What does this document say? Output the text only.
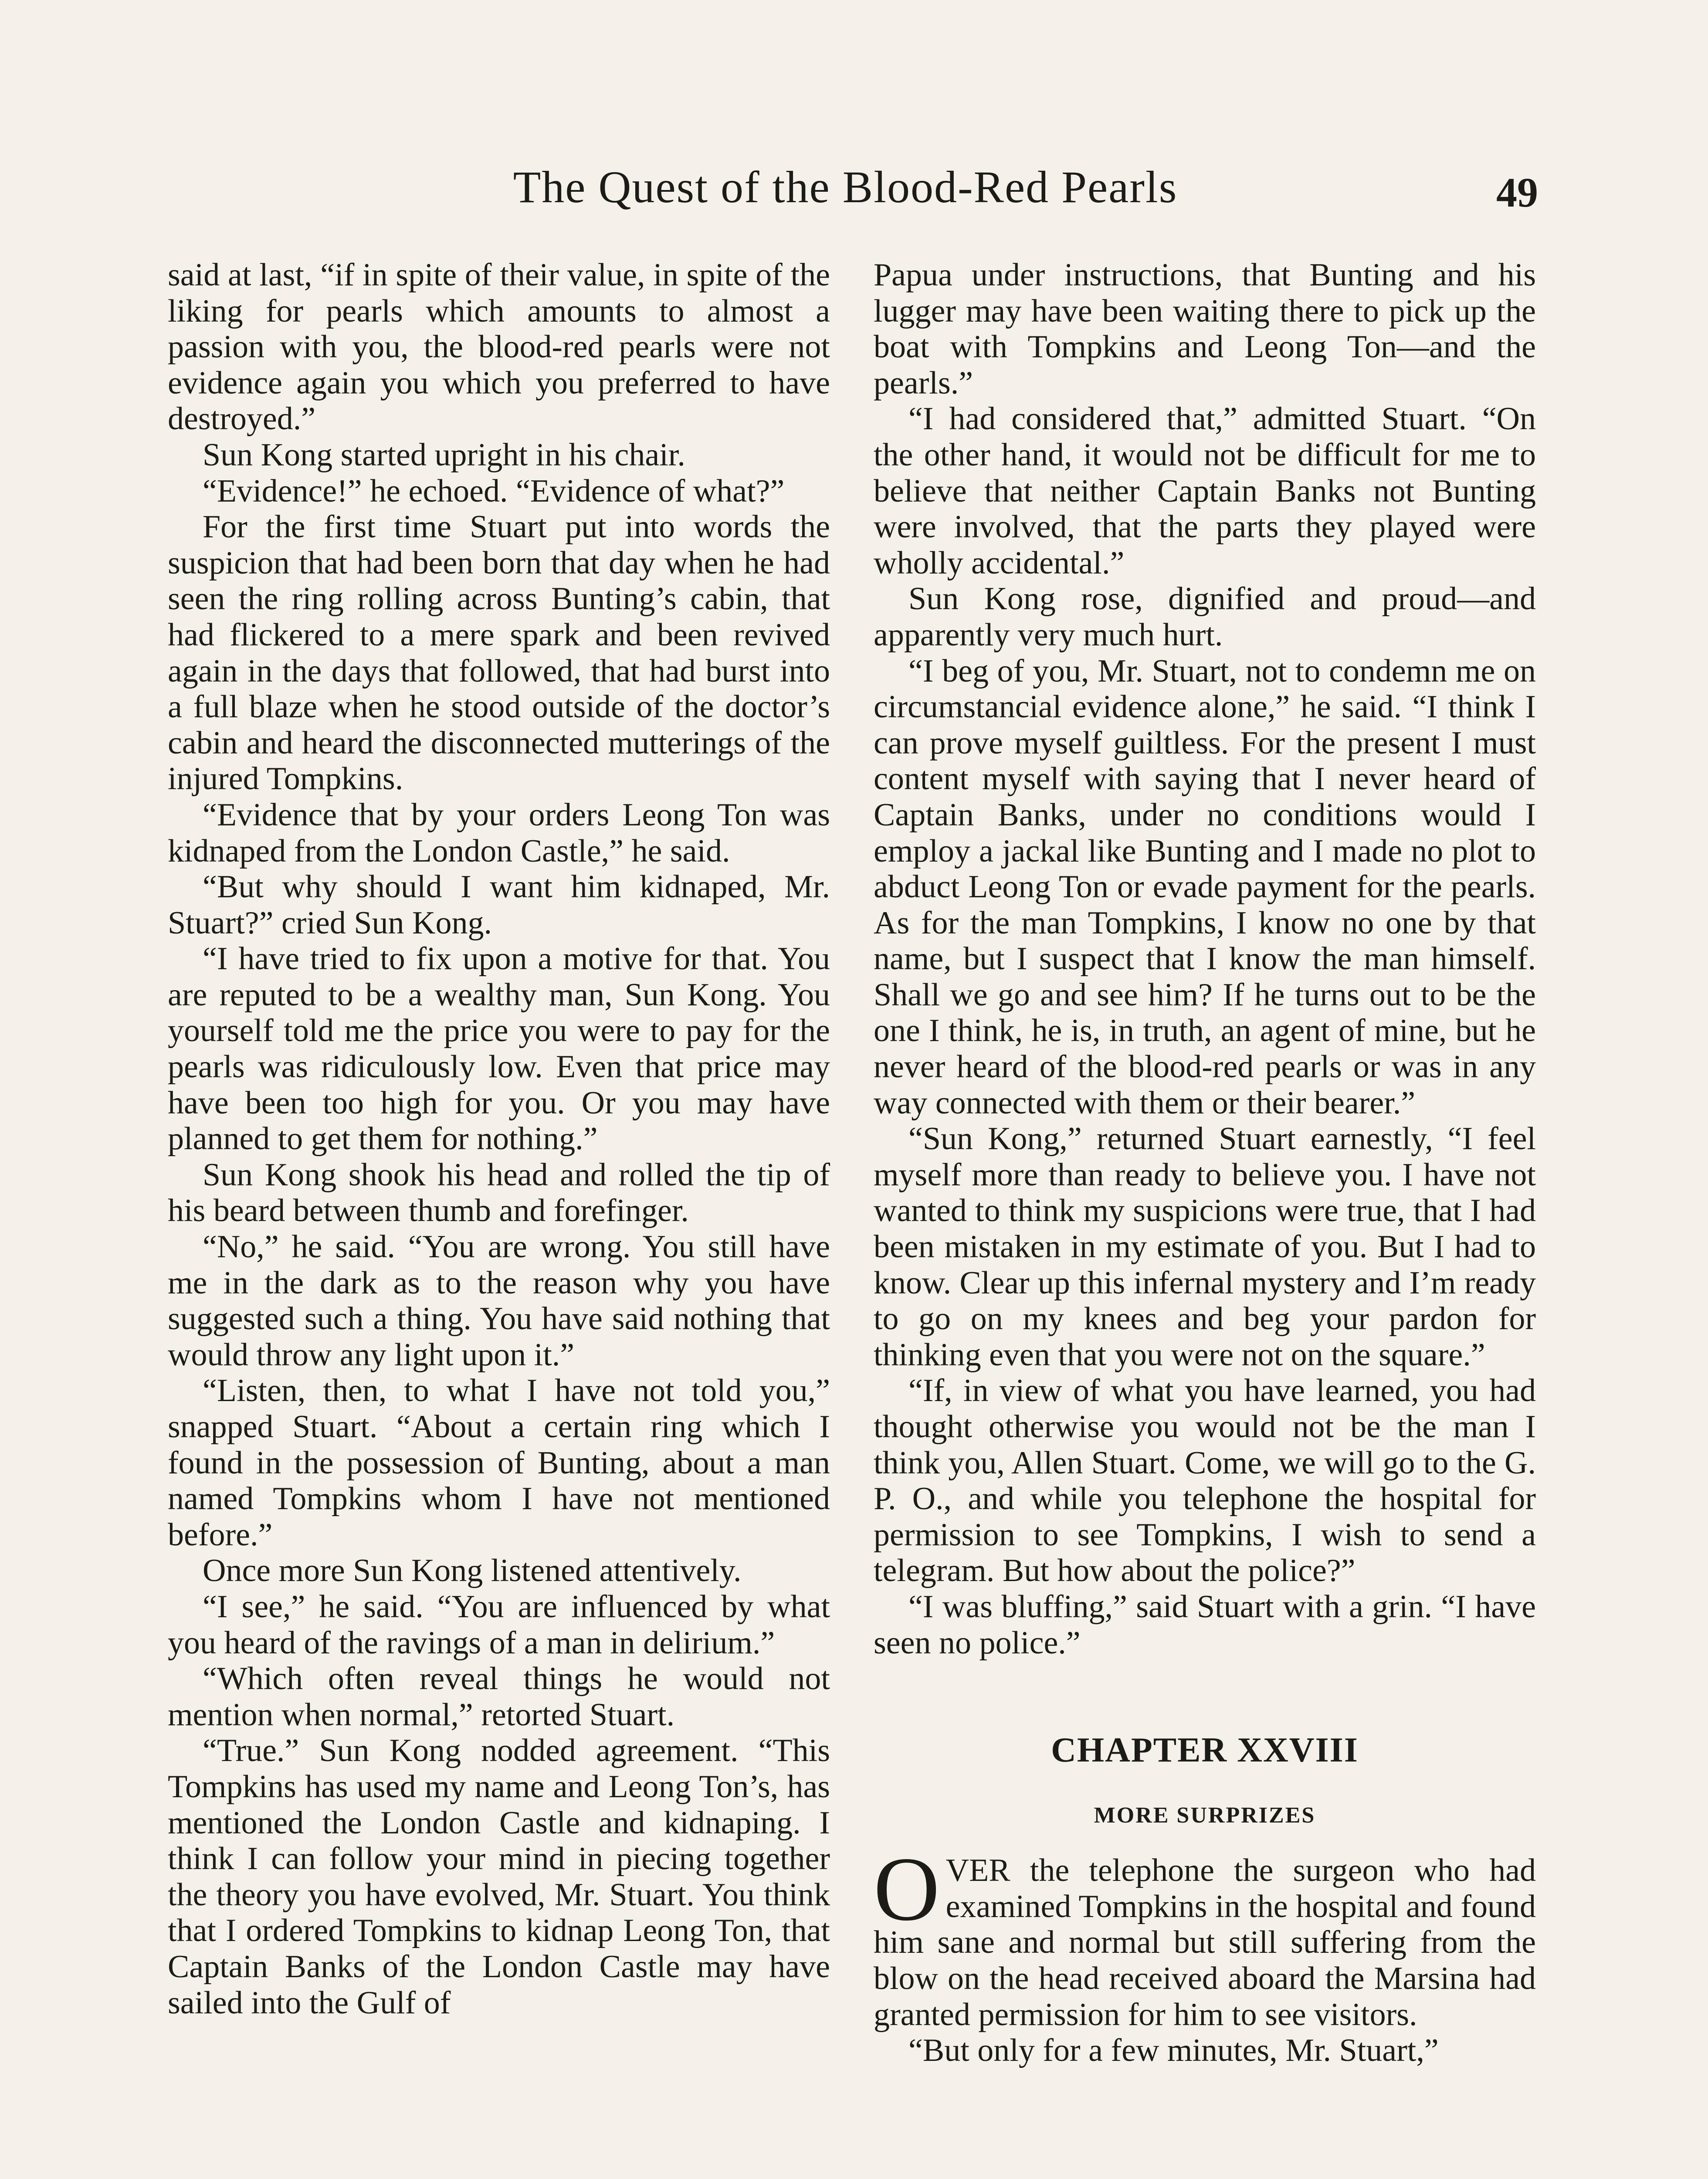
The Quest of the Blood-Red Pearls	49

said at last, “if in spite of their value, in spite of the liking for pearls which amounts to almost a passion with you, the blood-red pearls were not evidence again you which you preferred to have destroyed.”

Sun Kong started upright in his chair.

“Evidence!” he echoed. “Evidence of what?”

For the first time Stuart put into words the suspicion that had been born that day when he had seen the ring rolling across Bunting’s cabin, that had flickered to a mere spark and been revived again in the days that followed, that had burst into a full blaze when he stood outside of the doctor’s cabin and heard the disconnected mutterings of the injured Tompkins.

“Evidence that by your orders Leong Ton was kidnaped from the London Castle,” he said.

“But why should I want him kidnaped, Mr. Stuart?” cried Sun Kong.

“I have tried to fix upon a motive for that. You are reputed to be a wealthy man, Sun Kong. You yourself told me the price you were to pay for the pearls was ridiculously low. Even that price may have been too high for you. Or you may have planned to get them for nothing.”

Sun Kong shook his head and rolled the tip of his beard between thumb and forefinger.

“No,” he said. “You are wrong. You still have me in the dark as to the reason why you have suggested such a thing. You have said nothing that would throw any light upon it.”

“Listen, then, to what I have not told you,” snapped Stuart. “About a certain ring which I found in the possession of Bunting, about a man named Tompkins whom I have not mentioned before.”

Once more Sun Kong listened attentively.

“I see,” he said. “You are influenced by what you heard of the ravings of a man in delirium.”

“Which often reveal things he would not mention when normal,” retorted Stuart.

“True.” Sun Kong nodded agreement. “This Tompkins has used my name and Leong Ton’s, has mentioned the London Castle and kidnaping. I think I can follow your mind in piecing together the theory you have evolved, Mr. Stuart. You think that I ordered Tompkins to kidnap Leong Ton, that Captain Banks of the London Castle may have sailed into the Gulf of

Papua under instructions, that Bunting and his lugger may have been waiting there to pick up the boat with Tompkins and Leong Ton—and the pearls.”

“I had considered that,” admitted Stuart. “On the other hand, it would not be difficult for me to believe that neither Captain Banks not Bunting were involved, that the parts they played were wholly accidental.”

Sun Kong rose, dignified and proud—and apparently very much hurt.

“I beg of you, Mr. Stuart, not to condemn me on circumstancial evidence alone,” he said. “I think I can prove myself guiltless. For the present I must content myself with saying that I never heard of Captain Banks, under no conditions would I employ a jackal like Bunting and I made no plot to abduct Leong Ton or evade payment for the pearls. As for the man Tompkins, I know no one by that name, but I suspect that I know the man himself. Shall we go and see him? If he turns out to be the one I think, he is, in truth, an agent of mine, but he never heard of the blood-red pearls or was in any way connected with them or their bearer.”

“Sun Kong,” returned Stuart earnestly, “I feel myself more than ready to believe you. I have not wanted to think my suspicions were true, that I had been mistaken in my estimate of you. But I had to know. Clear up this infernal mystery and I’m ready to go on my knees and beg your pardon for thinking even that you were not on the square.”

“If, in view of what you have learned, you had thought otherwise you would not be the man I think you, Allen Stuart. Come, we will go to the G. P. O., and while you telephone the hospital for permission to see Tompkins, I wish to send a telegram. But how about the police?”

“I was bluffing,” said Stuart with a grin. “I have seen no police.”

CHAPTER XXVIII
MORE SURPRIZES

OVER the telephone the surgeon who had examined Tompkins in the hospital and found him sane and normal but still suffering from the blow on the head received aboard the Marsina had granted permission for him to see visitors.

“But only for a few minutes, Mr. Stuart,”
